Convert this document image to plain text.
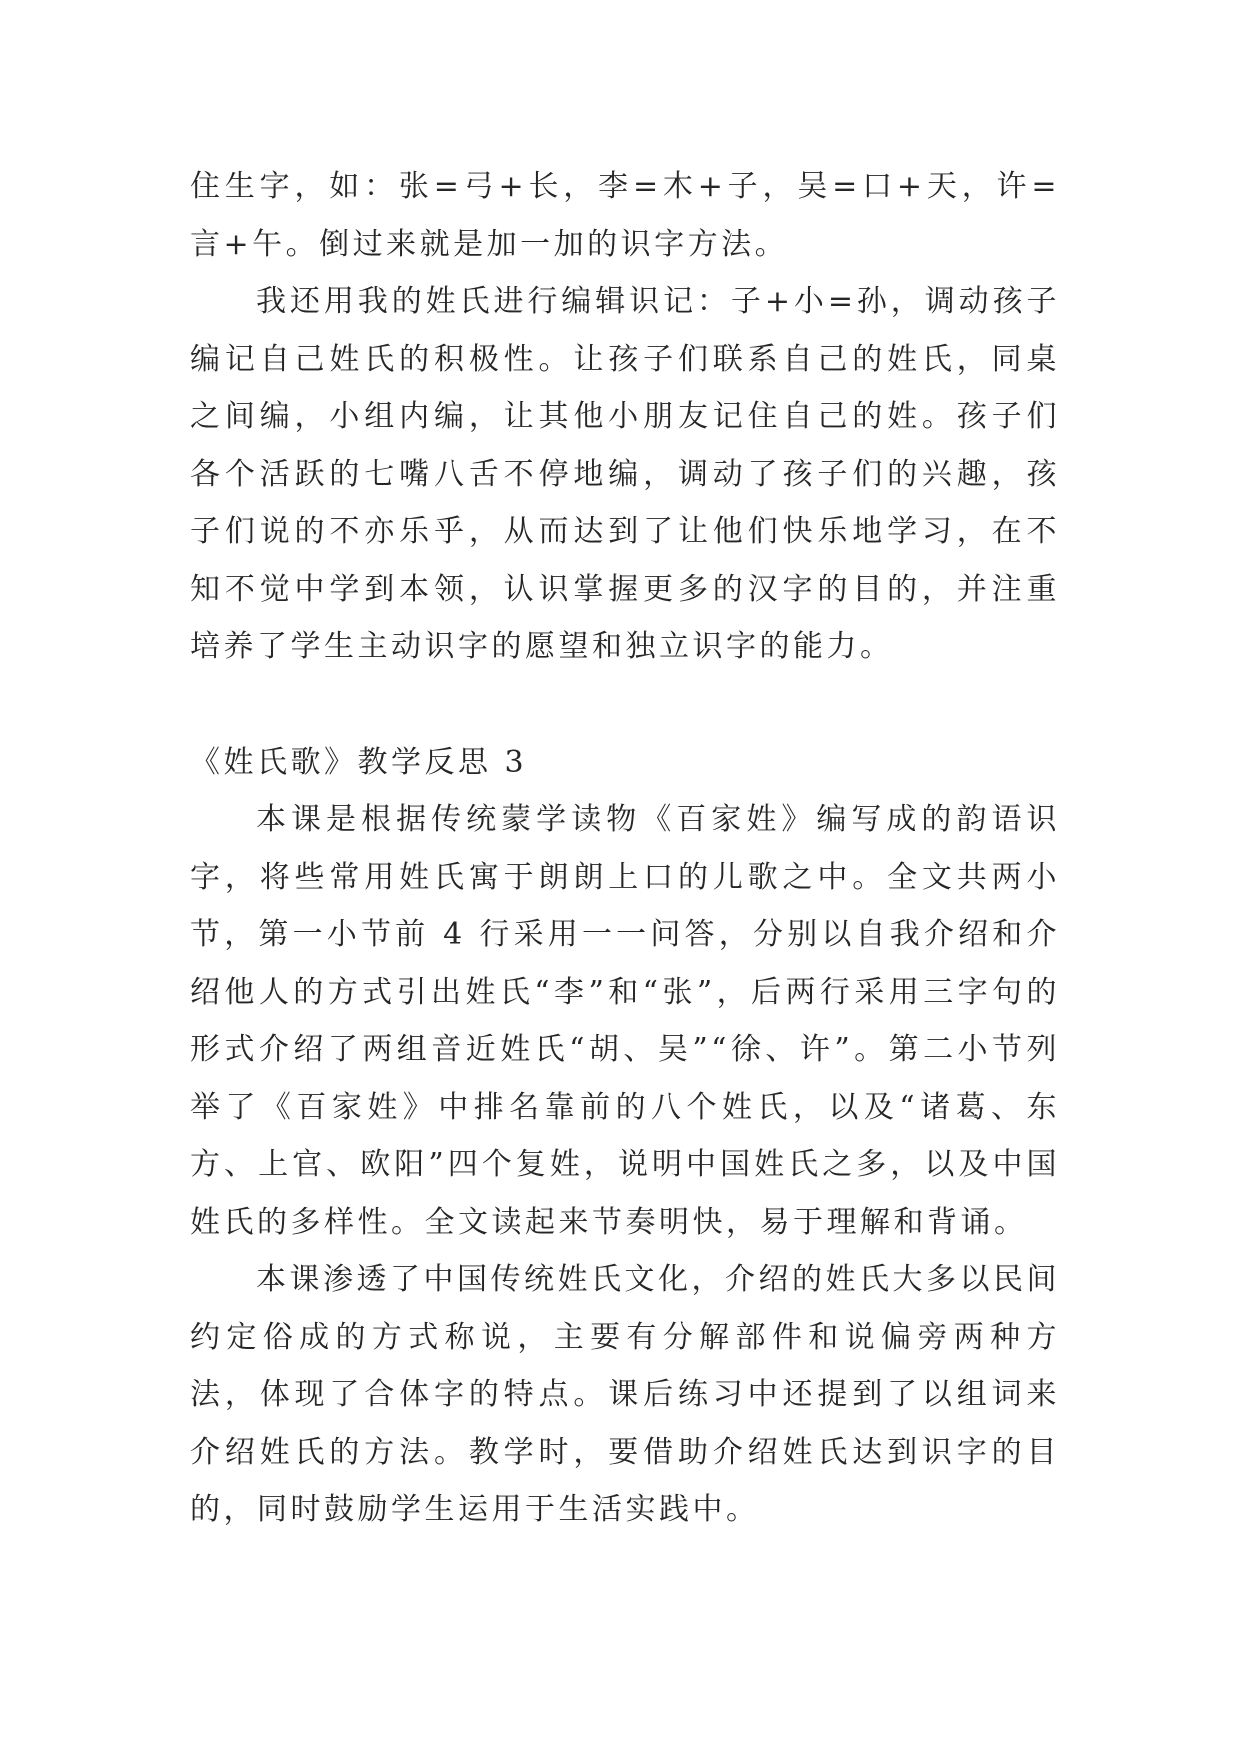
住生字，如：张=弓+长，李=木+子，吴=口+天，许=言+午。倒过来就是加一加的识字方法。

我还用我的姓氏进行编辑识记：子+小=孙，调动孩子编记自己姓氏的积极性。让孩子们联系自己的姓氏，同桌之间编，小组内编，让其他小朋友记住自己的姓。孩子们各个活跃的七嘴八舌不停地编，调动了孩子们的兴趣，孩子们说的不亦乐乎，从而达到了让他们快乐地学习，在不知不觉中学到本领，认识掌握更多的汉字的目的，并注重培养了学生主动识字的愿望和独立识字的能力。

《姓氏歌》教学反思 3

本课是根据传统蒙学读物《百家姓》编写成的韵语识字，将些常用姓氏寓于朗朗上口的儿歌之中。全文共两小节，第一小节前 4 行采用一一问答，分别以自我介绍和介绍他人的方式引出姓氏“李”和“张”，后两行采用三字句的形式介绍了两组音近姓氏“胡、吴”“徐、许”。第二小节列举了《百家姓》中排名靠前的八个姓氏，以及“诸葛、东方、上官、欧阳”四个复姓，说明中国姓氏之多，以及中国姓氏的多样性。全文读起来节奏明快，易于理解和背诵。

本课渗透了中国传统姓氏文化，介绍的姓氏大多以民间约定俗成的方式称说，主要有分解部件和说偏旁两种方法，体现了合体字的特点。课后练习中还提到了以组词来介绍姓氏的方法。教学时，要借助介绍姓氏达到识字的目的，同时鼓励学生运用于生活实践中。
